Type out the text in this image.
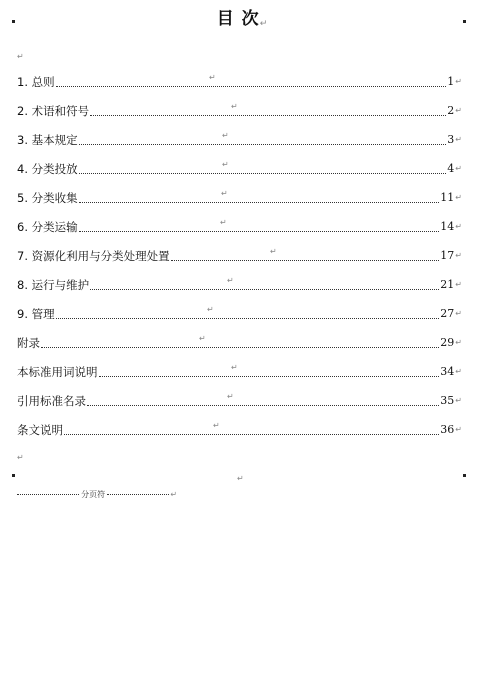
目 次↵
↵
1. 总则	1 ↵
↵
2. 术语和符号	2 ↵
↵
3. 基本规定	3 ↵
↵
4. 分类投放	4 ↵
↵
5. 分类收集	11 ↵
↵
6. 分类运输	14 ↵
↵
7. 资源化利用与分类处理处置	17 ↵
↵
8. 运行与维护	21 ↵
↵
9. 管理	27 ↵
↵
附录	29 ↵
↵
本标准用词说明	34 ↵
↵
引用标准名录	35 ↵
↵
条文说明	36 ↵
↵
↵
↵
分页符	↵
